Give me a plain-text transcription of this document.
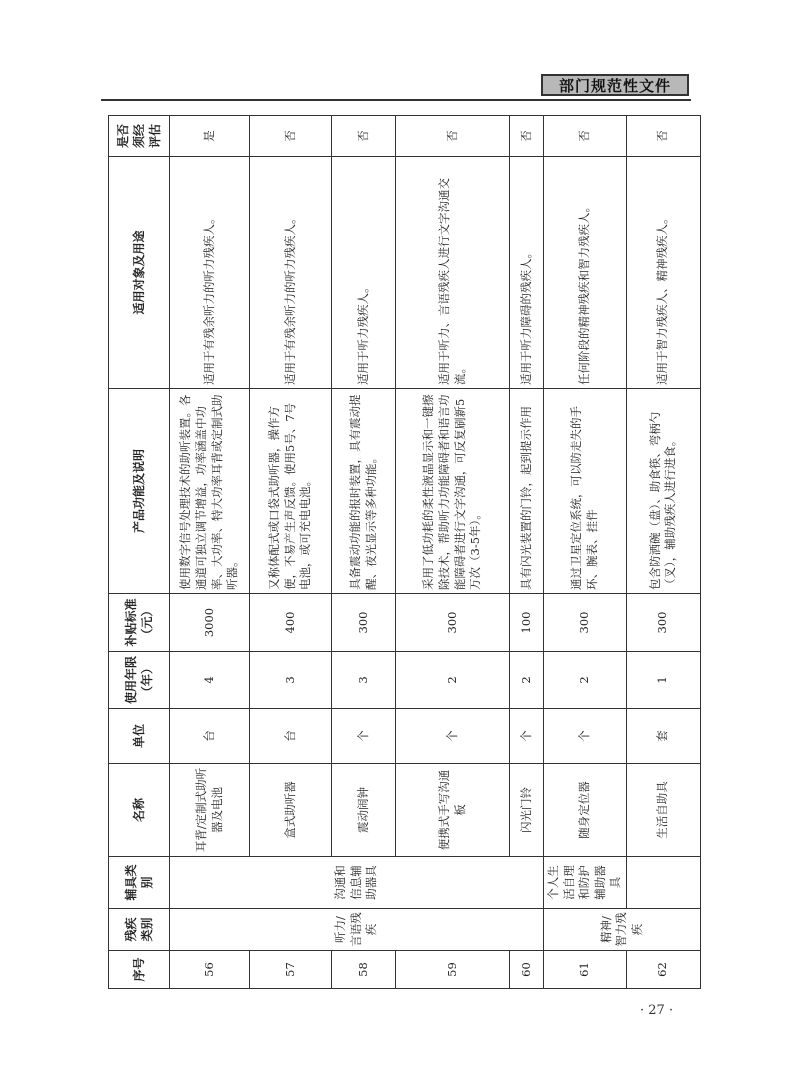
部门规范性文件
序号	残疾类别	辅具类别	名称	单位	使用年限（年）	补贴标准（元）	产品功能及说明	适用对象及用途	是否须经评估
56	听力/言语残疾	沟通和信息辅助器具	耳背/定制式助听器及电池	台	4	3000	使用数字信号处理技术的助听装置。各通道可独立调节增益，功率涵盖中功率、大功率、特大功率耳背或定制式助听器。	适用于有残余听力的听力残疾人。	是
57			盒式助听器	台	3	400	又称体配式或口袋式助听器，操作方便，不易产生声反馈。使用5号、7号电池，或可充电电池。	适用于有残余听力的听力残疾人。	否
58			震动闹钟	个	3	300	具备震动功能的报时装置，具有震动提醒、夜光显示等多种功能。	适用于听力残疾人。	否
59			便携式手写沟通板	个	2	300	采用了低功耗的柔性液晶显示和一键擦除技术，帮助听力功能障碍者和语言功能障碍者进行文字沟通，可反复刷新5万次（3-5年）。	适用于听力、言语残疾人进行文字沟通交流。	否
60			闪光门铃	个	2	100	具有闪光装置的门铃，起到提示作用	适用于听力障碍的残疾人。	否
61	精神/智力残疾	个人生活自理和防护辅助器具	随身定位器	个	2	300	通过卫星定位系统，可以防走失的手环、腕表、挂件	任何阶段的精神残疾和智力残疾人。	否
62			生活自助具	套	1	300	包含防洒碗（盘）、助食筷、弯柄勺（叉），辅助残疾人进行进食。	适用于智力残疾人、精神残疾人。	否
· 27 ·
